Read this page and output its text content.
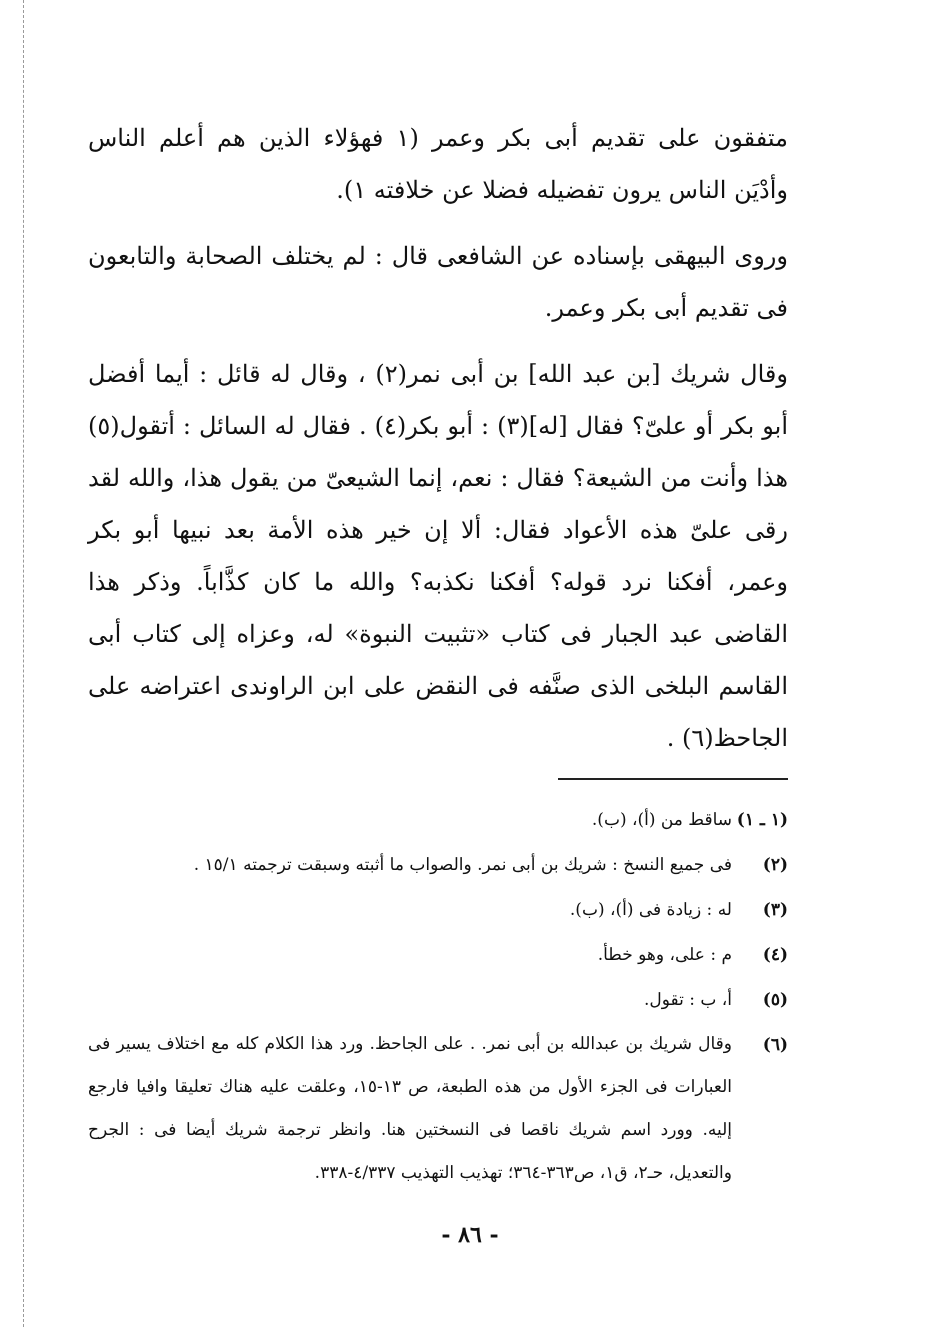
متفقون على تقديم أبى بكر وعمر (١ فهؤلاء الذين هم أعلم الناس وأدْيَن الناس يرون تفضيله فضلا عن خلافته ١).

وروى البيهقى بإسناده عن الشافعى قال : لم يختلف الصحابة والتابعون فى تقديم أبى بكر وعمر.

وقال شريك [بن عبد الله] بن أبى نمر(٢) ، وقال له قائل : أيما أفضل أبو بكر أو علىّ؟ فقال [له](٣) : أبو بكر(٤) . فقال له السائل : أتقول(٥) هذا وأنت من الشيعة؟ فقال : نعم، إنما الشيعىّ من يقول هذا، والله لقد رقى علىّ هذه الأعواد فقال: ألا إن خير هذه الأمة بعد نبيها أبو بكر وعمر، أفكنا نرد قوله؟ أفكنا نكذبه؟ والله ما كان كذَّاباً. وذكر هذا القاضى عبد الجبار فى كتاب «تثبيت النبوة» له، وعزاه إلى كتاب أبى القاسم البلخى الذى صنَّفه فى النقض على ابن الراوندى اعتراضه على الجاحظ(٦) .

(١ ـ ١)
ساقط من (أ)، (ب).
(٢)
فى جميع النسخ : شريك بن أبى نمر. والصواب ما أثبته وسبقت ترجمته ١٥/١ .
(٣)
له : زيادة فى (أ)، (ب).
(٤)
م : على، وهو خطأ.
(٥)
أ، ب : تقول.
(٦)
وقال شريك بن عبدالله بن أبى نمر. . على الجاحظ. ورد هذا الكلام كله مع اختلاف يسير فى العبارات فى الجزء الأول من هذه الطبعة، ص ١٣-١٥، وعلقت عليه هناك تعليقا وافيا فارجع إليه. وورد اسم شريك ناقصا فى النسختين هنا. وانظر ترجمة شريك أيضا فى : الجرح والتعديل، حـ٢، ق١، ص٣٦٣-٣٦٤؛ تهذيب التهذيب ٤/٣٣٧-٣٣٨.
- ٨٦ -
